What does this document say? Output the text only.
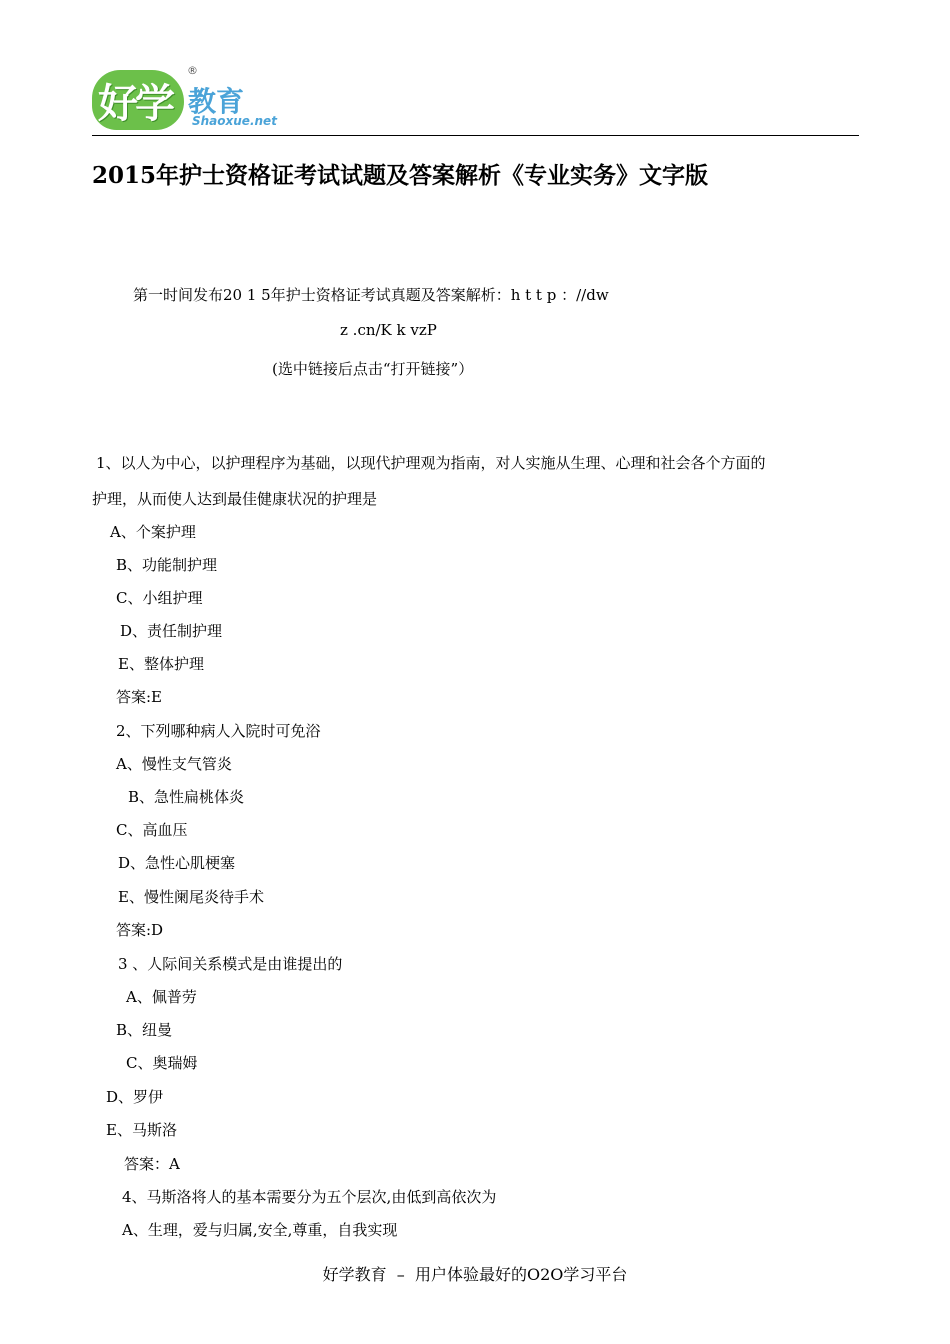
好学
®
教育
Shaoxue.net
2015年护士资格证考试试题及答案解析《专业实务》文字版
第一时间发布20 1 5年护士资格证考试真题及答案解析：h t t p ：//dw
z .cn/K k vzP
(选中链接后点击“打开链接”）
1、以人为中心，以护理程序为基础，以现代护理观为指南，对人实施从生理、心理和社会各个方面的
护理，从而使人达到最佳健康状况的护理是
A、个案护理
B、功能制护理
C、小组护理
D、责任制护理
E、整体护理
答案:E
2、下列哪种病人入院时可免浴
A、慢性支气管炎
B、急性扁桃体炎
C、高血压
D、急性心肌梗塞
E、慢性阑尾炎待手术
答案:D
3 、人际间关系模式是由谁提出的
A、佩普劳
B、纽曼
C、奥瑞姆
D、罗伊
E、马斯洛
答案：A
4、马斯洛将人的基本需要分为五个层次,由低到高依次为
A、生理，爱与归属,安全,尊重，自我实现
好学教育  –  用户体验最好的O2O学习平台
